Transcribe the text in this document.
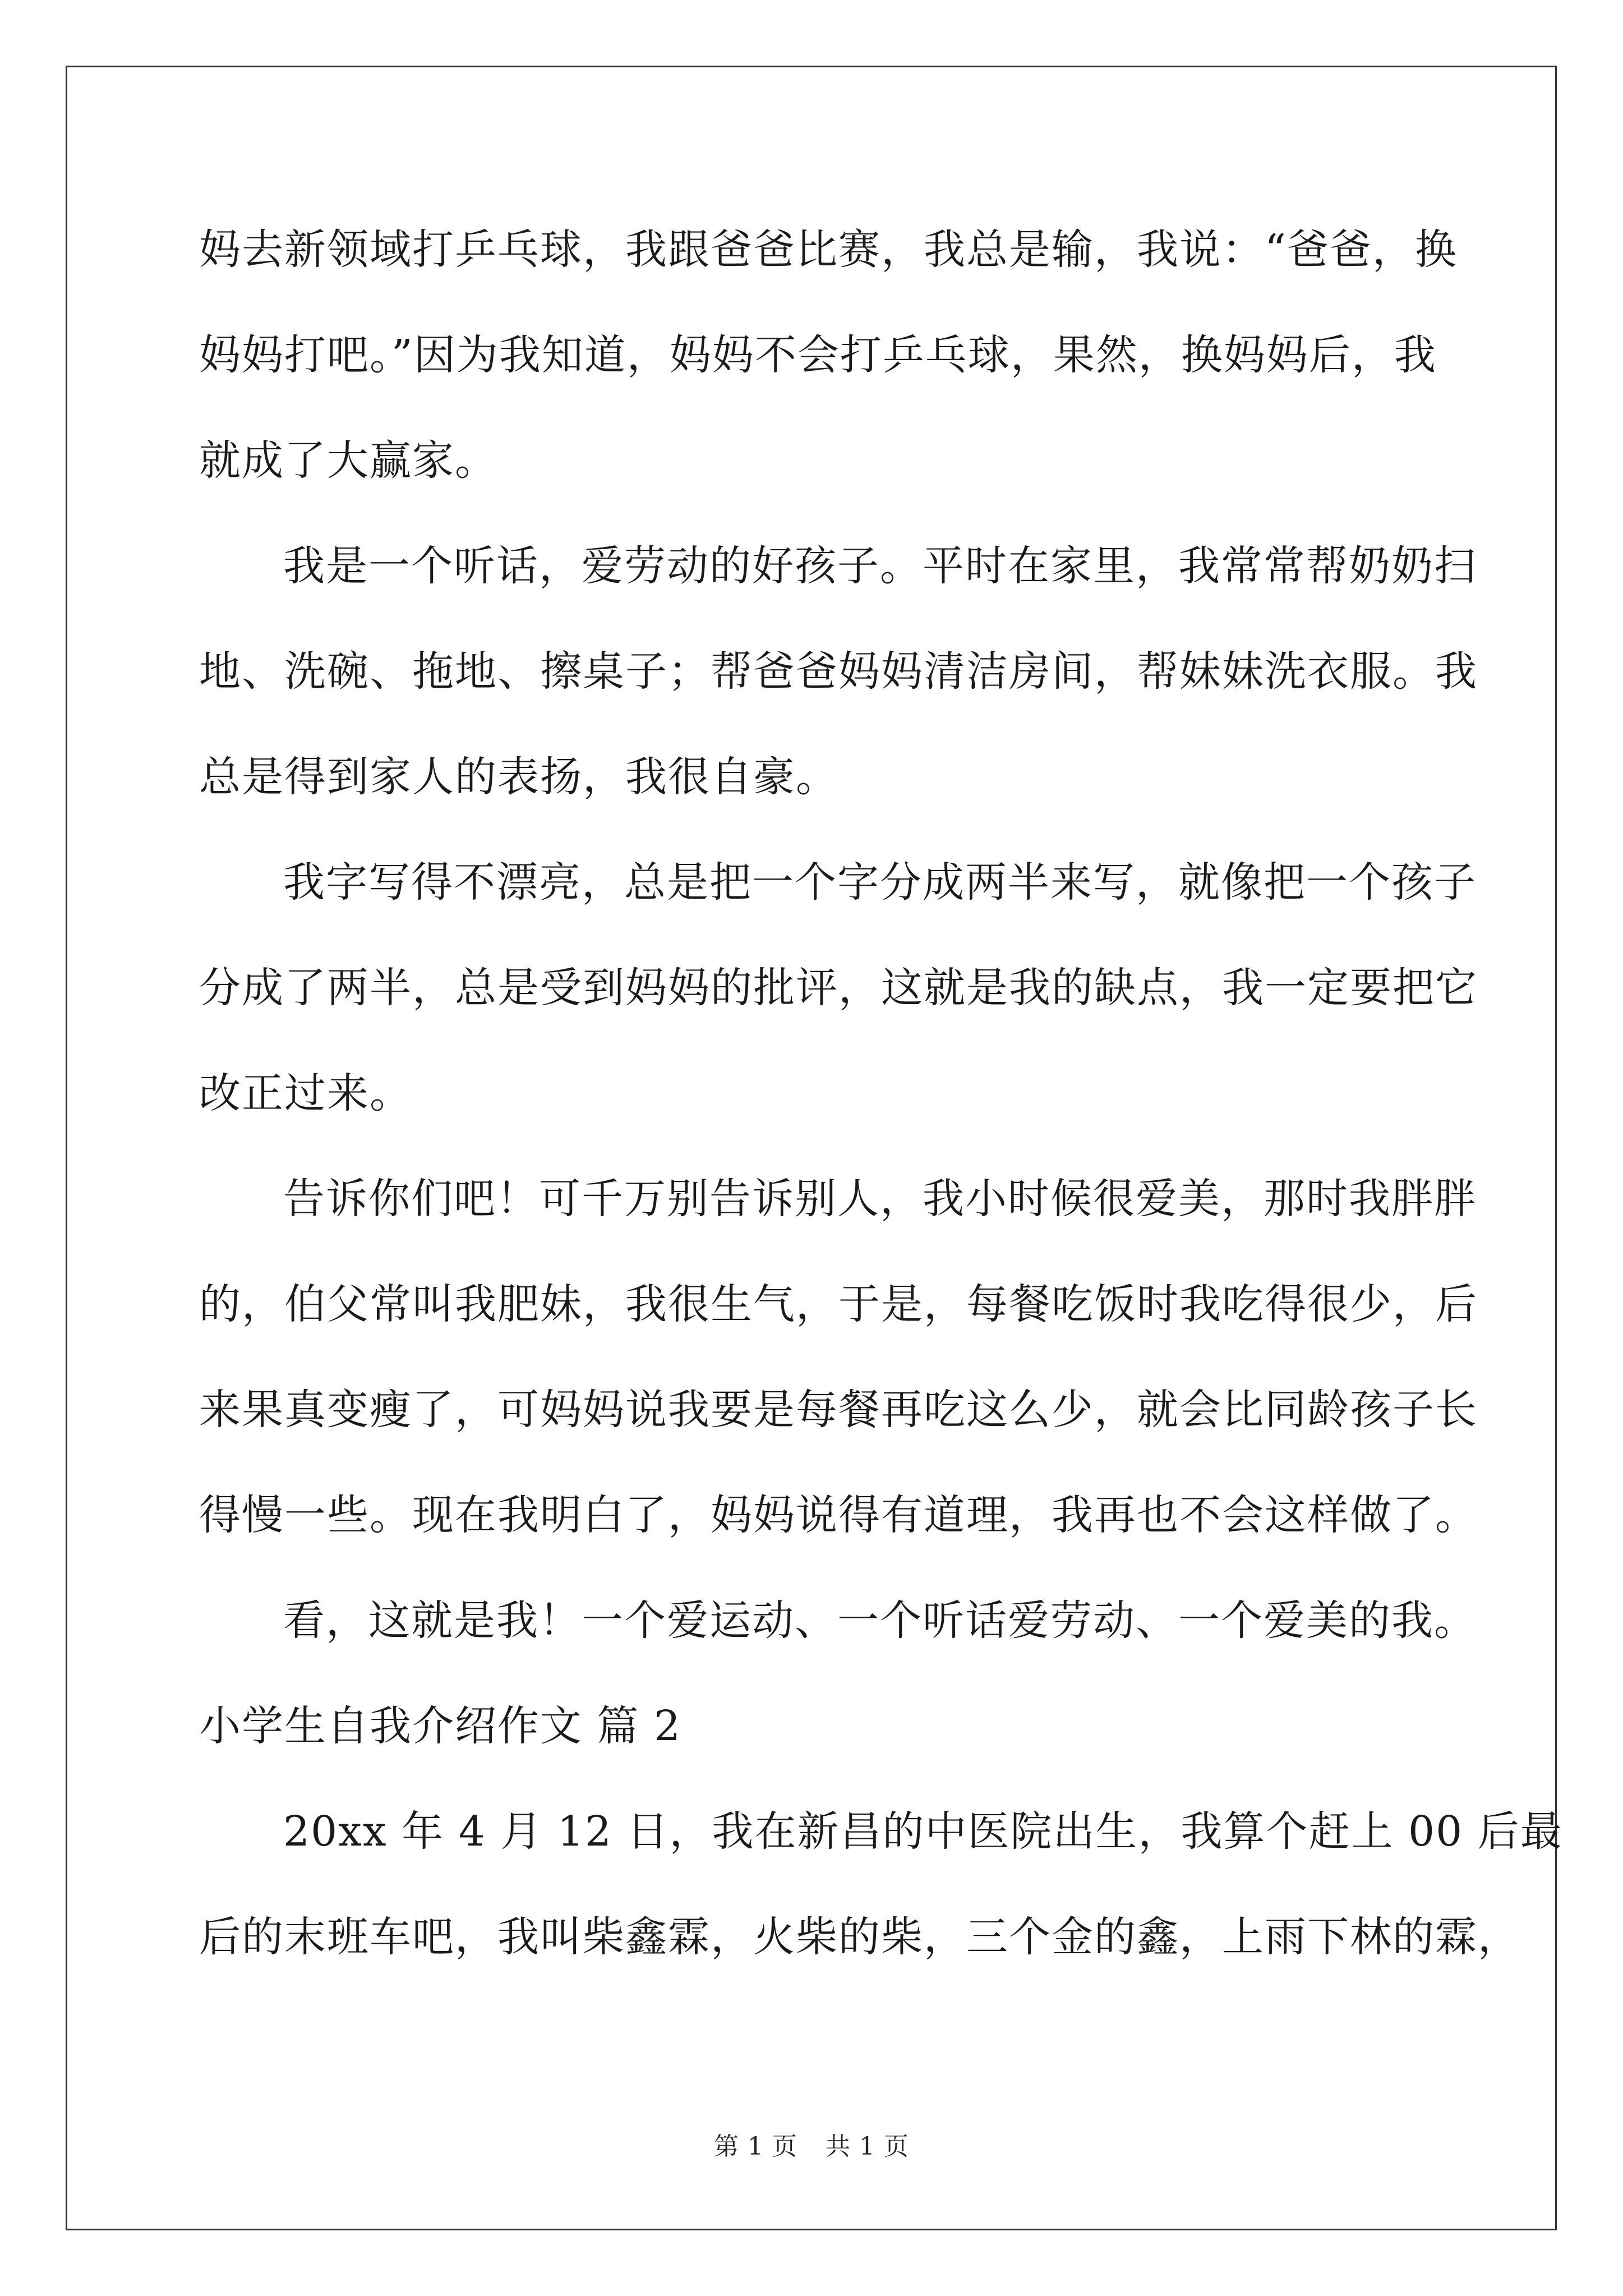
妈去新领域打乒乓球，我跟爸爸比赛，我总是输，我说：“爸爸，换
妈妈打吧。”因为我知道，妈妈不会打乒乓球，果然，换妈妈后，我
就成了大赢家。
我是一个听话，爱劳动的好孩子。平时在家里，我常常帮奶奶扫
地、洗碗、拖地、擦桌子；帮爸爸妈妈清洁房间，帮妹妹洗衣服。我
总是得到家人的表扬，我很自豪。
我字写得不漂亮，总是把一个字分成两半来写，就像把一个孩子
分成了两半，总是受到妈妈的批评，这就是我的缺点，我一定要把它
改正过来。
告诉你们吧！可千万别告诉别人，我小时候很爱美，那时我胖胖
的，伯父常叫我肥妹，我很生气，于是，每餐吃饭时我吃得很少，后
来果真变瘦了，可妈妈说我要是每餐再吃这么少，就会比同龄孩子长
得慢一些。现在我明白了，妈妈说得有道理，我再也不会这样做了。
看，这就是我！一个爱运动、一个听话爱劳动、一个爱美的我。
小学生自我介绍作文 篇 2
20xx 年 4 月 12 日，我在新昌的中医院出生，我算个赶上 00 后最
后的末班车吧，我叫柴鑫霖，火柴的柴，三个金的鑫，上雨下林的霖，
第 1 页 共 1 页
